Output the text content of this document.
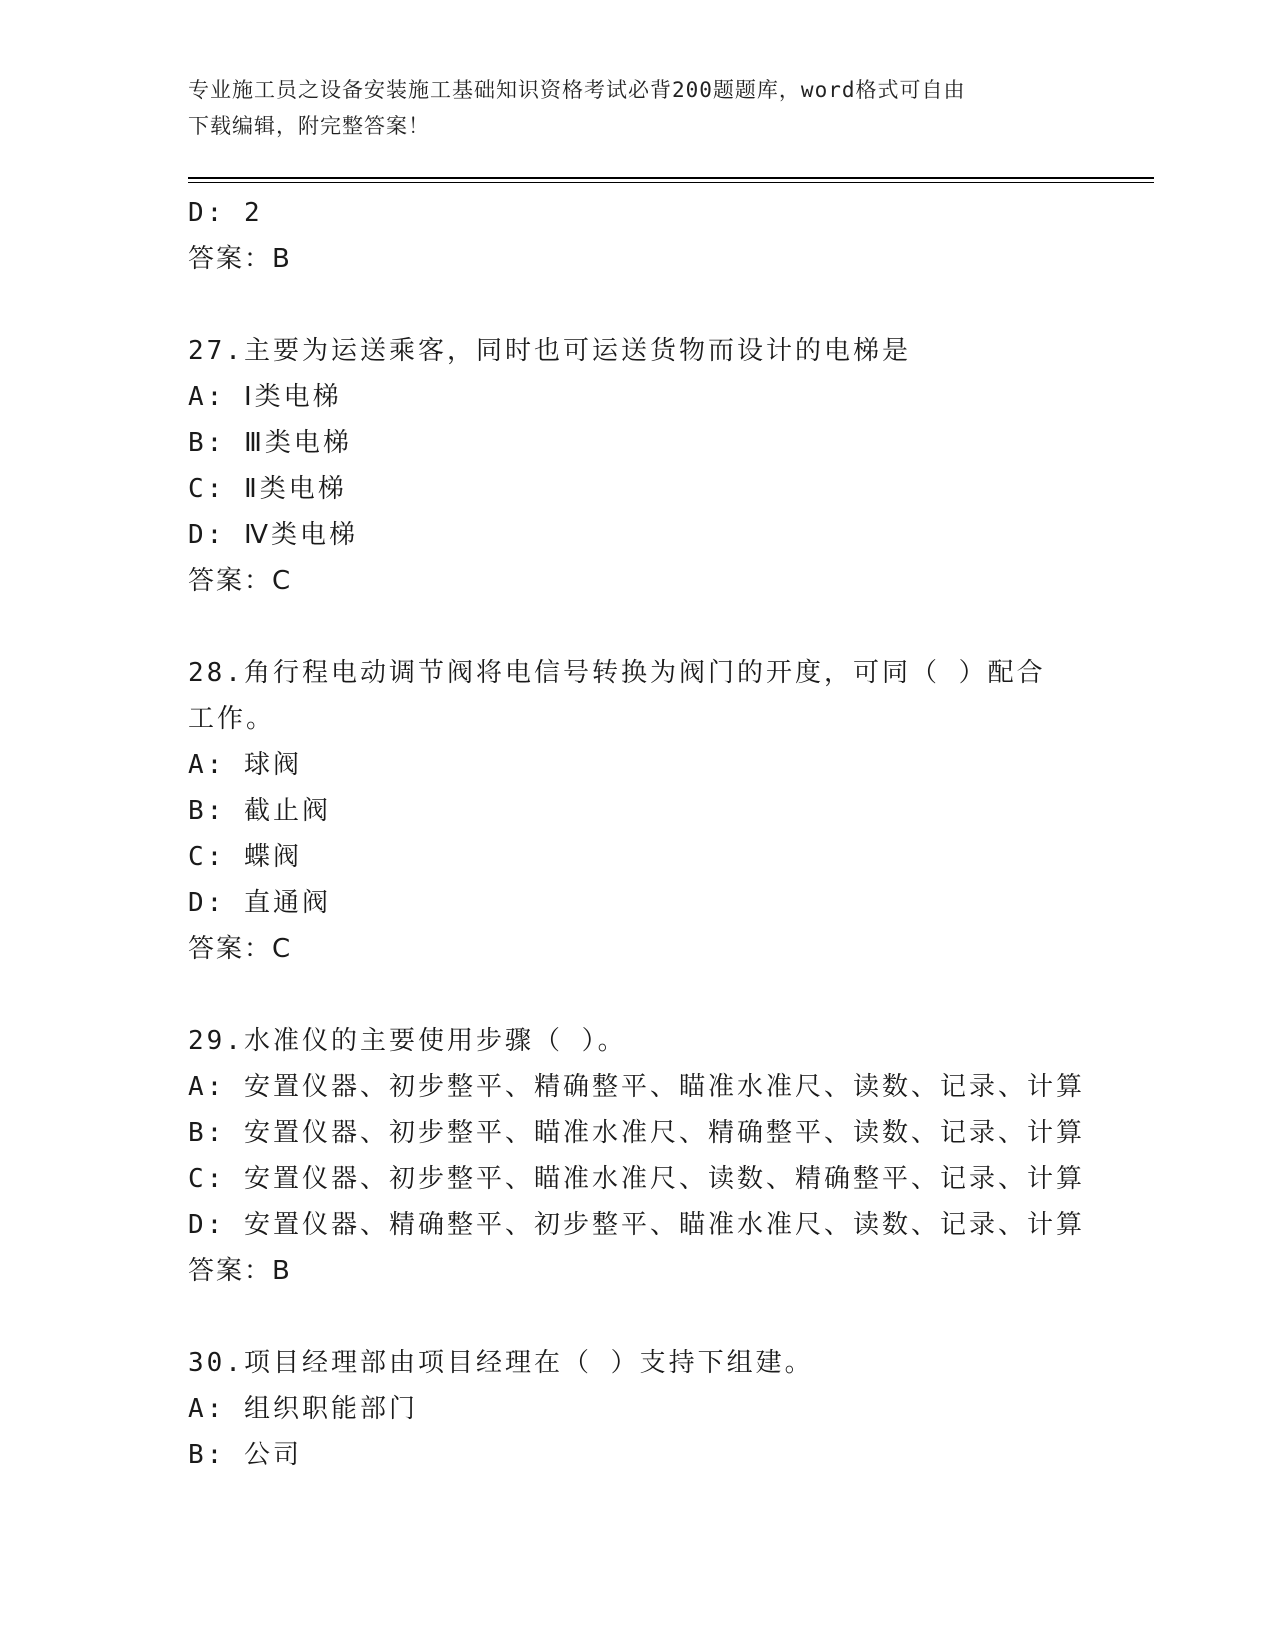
专业施工员之设备安装施工基础知识资格考试必背200题题库，word格式可自由
下载编辑，附完整答案！
D: 2
答案：B
27.主要为运送乘客，同时也可运送货物而设计的电梯是
A: Ⅰ类电梯
B: Ⅲ类电梯
C: Ⅱ类电梯
D: Ⅳ类电梯
答案：C
28.角行程电动调节阀将电信号转换为阀门的开度，可同（ ）配合工作。
A: 球阀
B: 截止阀
C: 蝶阀
D: 直通阀
答案：C
29.水准仪的主要使用步骤（ ）。
A: 安置仪器、初步整平、精确整平、瞄准水准尺、读数、记录、计算
B: 安置仪器、初步整平、瞄准水准尺、精确整平、读数、记录、计算
C: 安置仪器、初步整平、瞄准水准尺、读数、精确整平、记录、计算
D: 安置仪器、精确整平、初步整平、瞄准水准尺、读数、记录、计算
答案：B
30.项目经理部由项目经理在（ ）支持下组建。
A: 组织职能部门
B: 公司
